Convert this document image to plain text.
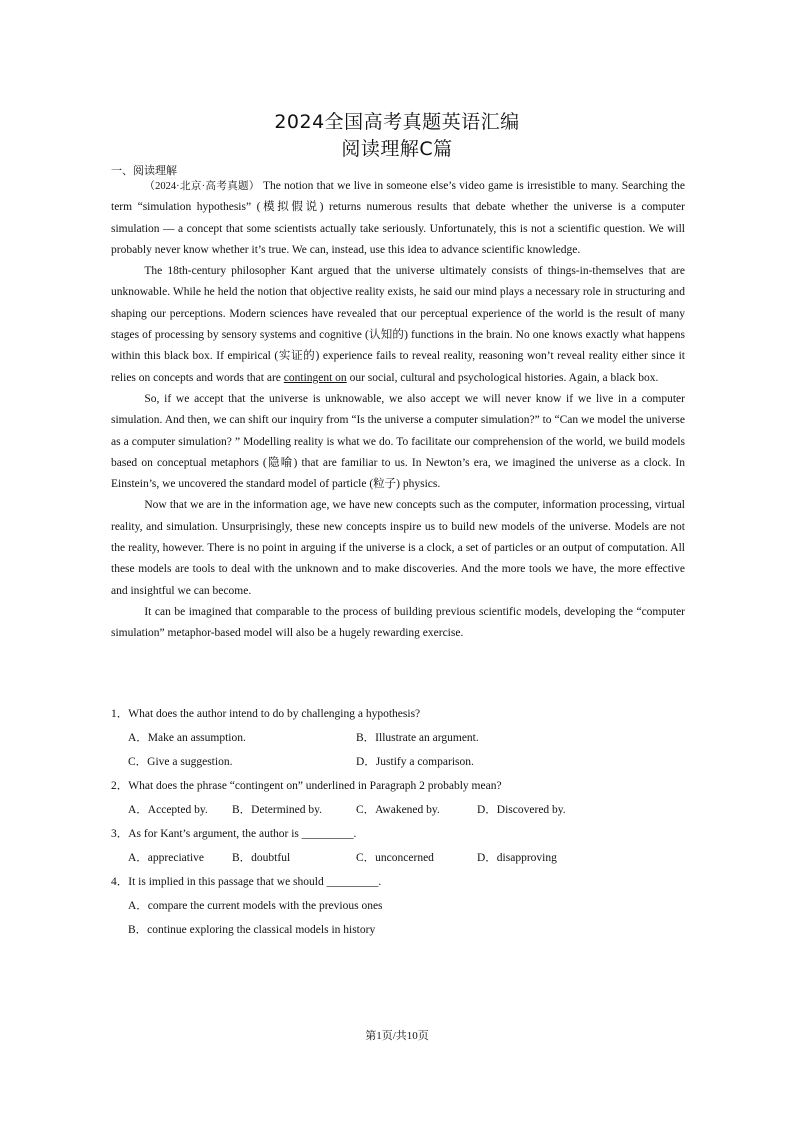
2024全国高考真题英语汇编
阅读理解C篇
一、阅读理解

（2024·北京·高考真题） The notion that we live in someone else’s video game is irresistible to many. Searching the term “simulation hypothesis” (模拟假说) returns numerous results that debate whether the universe is a computer simulation — a concept that some scientists actually take seriously. Unfortunately, this is not a scientific question. We will probably never know whether it’s true. We can, instead, use this idea to advance scientific knowledge.

The 18th-century philosopher Kant argued that the universe ultimately consists of things-in-themselves that are unknowable. While he held the notion that objective reality exists, he said our mind plays a necessary role in structuring and shaping our perceptions. Modern sciences have revealed that our perceptual experience of the world is the result of many stages of processing by sensory systems and cognitive (认知的) functions in the brain. No one knows exactly what happens within this black box. If empirical (实证的) experience fails to reveal reality, reasoning won’t reveal reality either since it relies on concepts and words that are contingent on our social, cultural and psychological histories. Again, a black box.

So, if we accept that the universe is unknowable, we also accept we will never know if we live in a computer simulation. And then, we can shift our inquiry from “Is the universe a computer simulation?” to “Can we model the universe as a computer simulation? ” Modelling reality is what we do. To facilitate our comprehension of the world, we build models based on conceptual metaphors (隐喻) that are familiar to us. In Newton’s era, we imagined the universe as a clock. In Einstein’s, we uncovered the standard model of particle (粒子) physics.

Now that we are in the information age, we have new concepts such as the computer, information processing, virtual reality, and simulation. Unsurprisingly, these new concepts inspire us to build new models of the universe. Models are not the reality, however. There is no point in arguing if the universe is a clock, a set of particles or an output of computation. All these models are tools to deal with the unknown and to make discoveries. And the more tools we have, the more effective and insightful we can become.

It can be imagined that comparable to the process of building previous scientific models, developing the “computer simulation” metaphor-based model will also be a hugely rewarding exercise.

1．What does the author intend to do by challenging a hypothesis?

A．Make an assumption.	B．Illustrate an argument.
C．Give a suggestion.	D．Justify a comparison.

2．What does the phrase “contingent on” underlined in Paragraph 2 probably mean?

A．Accepted by. B．Determined by.	C．Awakened by.	D．Discovered by.

3．As for Kant’s argument, the author is _________.

A．appreciative B．doubtful	C．unconcerned	D．disapproving

4．It is implied in this passage that we should _________.

A．compare the current models with the previous ones
B．continue exploring the classical models in history
第1页/共10页
